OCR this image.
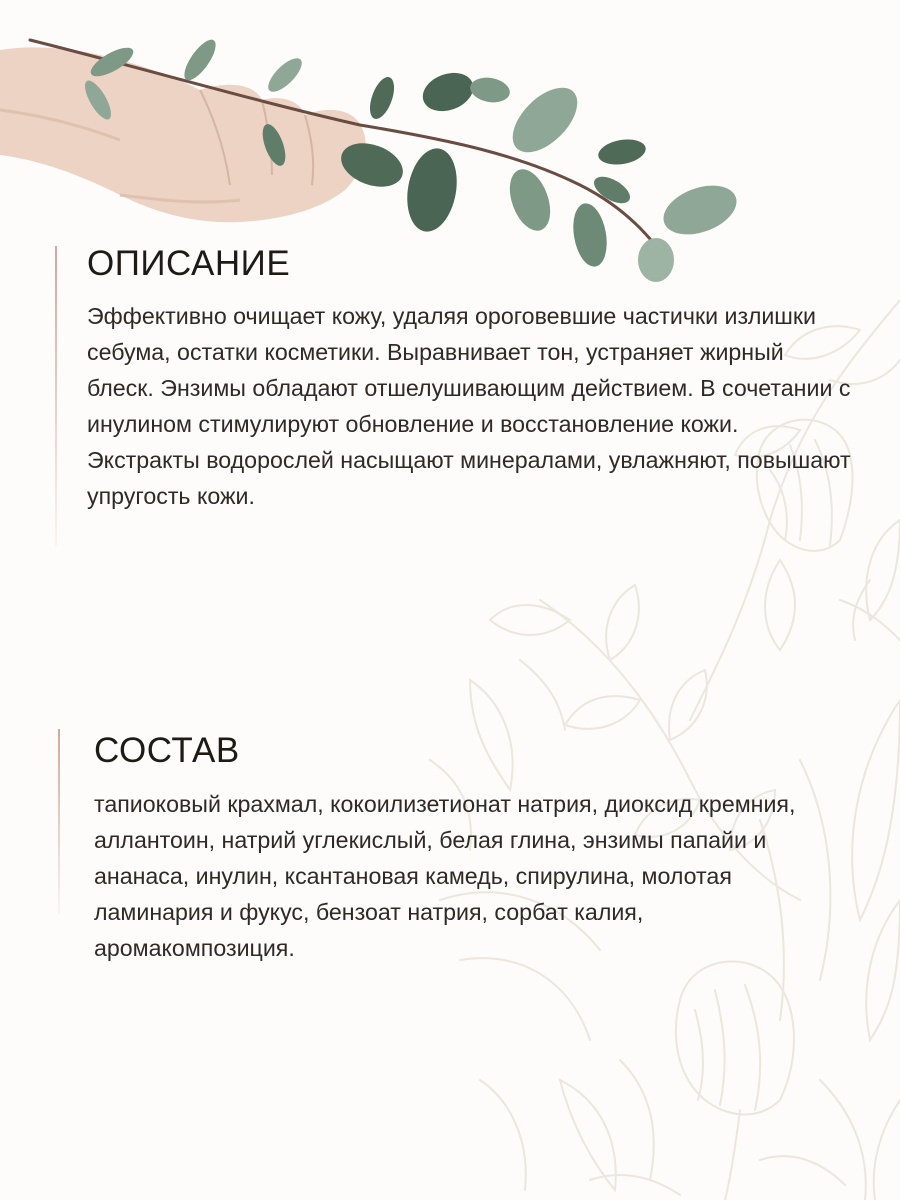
ОПИСАНИЕ

Эффективно очищает кожу, удаляя ороговевшие частички излишки себума, остатки косметики. Выравнивает тон, устраняет жирный блеск. Энзимы обладают отшелушивающим действием. В сочетании с инулином стимулируют обновление и восстановление кожи. Экстракты водорослей насыщают минералами, увлажняют, повышают упругость кожи.

СОСТАВ

тапиоковый крахмал, кокоилизетионат натрия, диоксид кремния, аллантоин, натрий углекислый, белая глина, энзимы папайи и ананаса, инулин, ксантановая камедь, спирулина, молотая ламинария и фукус, бензоат натрия, сорбат калия, аромакомпозиция.
